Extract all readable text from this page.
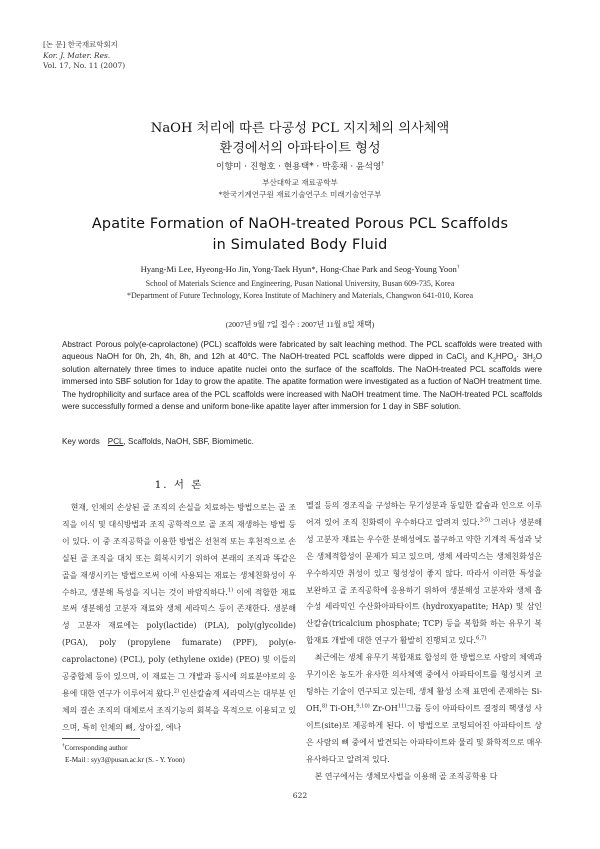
[논 문] 한국재료학회지
Kor. J. Mater. Res.
Vol. 17, No. 11 (2007)
NaOH 처리에 따른 다공성 PCL 지지체의 의사체액
환경에서의 아파타이트 형성
이향미 · 진형호 · 현용택* · 박홍채 · 윤석영†
부산대학교 재료공학부
*한국기계연구원 재료기술연구소 미래기술연구부
Apatite Formation of NaOH-treated Porous PCL Scaffolds
in Simulated Body Fluid
Hyang-Mi Lee, Hyeong-Ho Jin, Yong-Taek Hyun*, Hong-Chae Park and Seog-Young Yoon†
School of Materials Science and Engineering, Pusan National University, Busan 609-735, Korea
*Department of Future Technology, Korea Institute of Machinery and Materials, Changwon 641-010, Korea
(2007년 9월 7일 접수 : 2007년 11월 8일 채택)
Abstract Porous poly(e-caprolactone) (PCL) scaffolds were fabricated by salt leaching method. The PCL scaffolds were treated with aqueous NaOH for 0h, 2h, 4h, 8h, and 12h at 40°C. The NaOH-treated PCL scaffolds were dipped in CaCl$_2$ and $K_2HPO_4\cdot 3H_2O$ solution alternately three times to induce apatite nuclei onto the surface of the scaffolds. The NaOH-treated PCL scaffolds were immersed into SBF solution for 1day to grow the apatite. The apatite formation were investigated as a fuction of NaOH treatment time. The hydrophilicity and surface area of the PCL scaffolds were increased with NaOH treatment time. The NaOH-treated PCL scaffolds were successfully formed a dense and uniform bone-like apatite layer after immersion for 1 day in SBF solution.
Key words PCL, Scaffolds, NaOH, SBF, Biomimetic.
1. 서 론

현재, 인체의 손상된 골 조직의 손실을 치료하는 방법으로는 골 조직을 이식 및 대식방법과 조직 공학적으로 골 조직 재생하는 방법 등이 있다. 이 중 조직공학을 이용한 방법은 선천적 또는 후천적으로 손실된 골 조직을 대치 또는 회복시키기 위하여 본래의 조직과 똑같은 골을 재생시키는 방법으로써 이에 사용되는 재료는 생체친화성이 우수하고, 생분해 특성을 지니는 것이 바람직하다.$^{1)}$ 이에 적합한 재료로써 생분해성 고분자 재료와 생체 세라믹스 등이 존재한다. 생분해성 고분자 재료에는 poly(lactide) (PLA), poly(glycolide) (PGA), poly (propylene fumarate) (PPF), poly(e-caprolactone) (PCL), poly (ethylene oxide) (PEO) 및 이들의 공중합체 등이 있으며, 이 재료는 그 개발과 동시에 의료분야로의 응용에 대한 연구가 이루어져 왔다.$^{2)}$ 인산칼슘계 세라믹스는 대부분 인체의 결손 조직의 대체로서 조직기능의 회복을 목적으로 이용되고 있으며, 특히 인체의 뼈, 상아질, 에나

멜질 등의 경조직을 구성하는 무기성분과 동일한 칼슘과 인으로 이루어져 있어 조직 친화력이 우수하다고 알려져 있다.$^{3-5)}$ 그러나 생분해성 고분자 재료는 우수한 분해성에도 불구하고 약한 기계적 특성과 낮은 생체적합성이 문제가 되고 있으며, 생체 세라믹스는 생체친화성은 우수하지만 취성이 있고 형성성이 좋지 않다. 따라서 이러한 특성을 보완하고 골 조직공학에 응용하기 위하여 생분해성 고분자와 생체 흡수성 세라믹인 수산화아파타이트 (hydroxyapatite; HAp) 및 삼인산칼슘(tricalcium phosphate; TCP) 등을 복합화 하는 유무기 복합재료 개발에 대한 연구가 활발히 진행되고 있다.$^{6,7)}$

최근에는 생체 유무기 복합재료 합성의 한 방법으로 사람의 체액과 무기이온 농도가 유사한 의사체액 중에서 아파타이트를 형성시켜 코팅하는 기술이 연구되고 있는데, 생체 활성 소재 표면에 존재하는 Si-OH,$^{8)}$ Ti-OH,$^{9,10)}$ Zr-OH$^{11)}$그룹 등이 아파타이트 결정의 핵생성 사이트(site)로 제공하게 된다. 이 방법으로 코팅되어진 아파타이트 상은 사람의 뼈 중에서 발견되는 아파타이트와 물리 및 화학적으로 매우 유사하다고 알려져 있다.

본 연구에서는 생체모사법을 이용해 골 조직공학용 다

†Corresponding author
E-Mail : syy3@pusan.ac.kr (S. - Y. Yoon)
622
